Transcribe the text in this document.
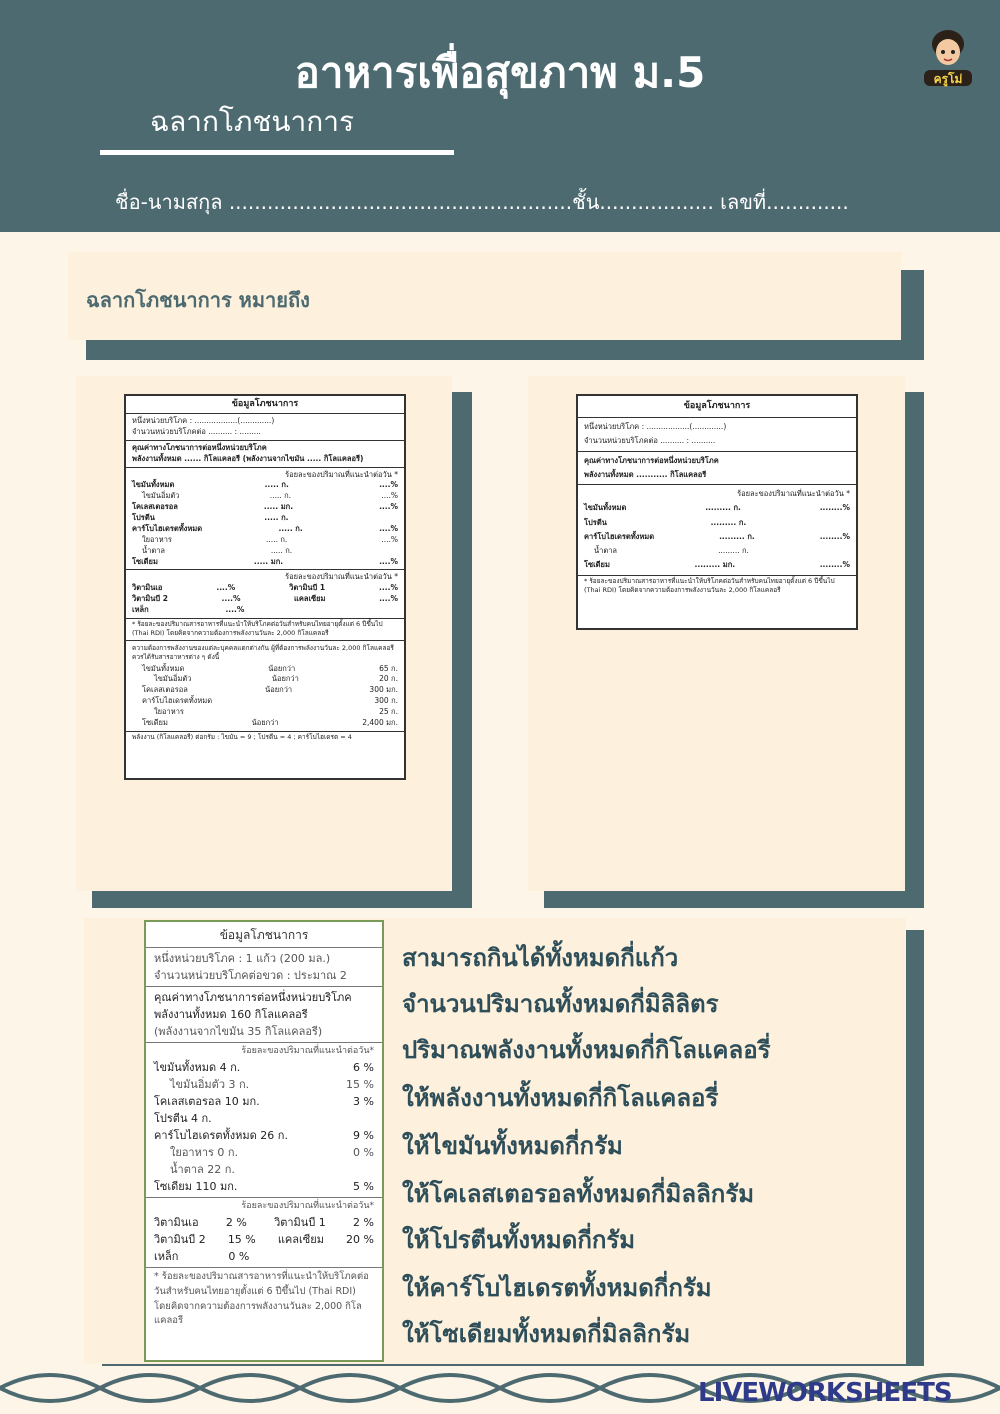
อาหารเพื่อสุขภาพ ม.5
ฉลากโภชนาการ
ชื่อ-นามสกุล ......................................................ชั้น.................. เลขที่.............
ครูโม่
ฉลากโภชนาการ หมายถึง
ข้อมูลโภชนาการ
หนึ่งหน่วยบริโภค : ..................(.............)
จำนวนหน่วยบริโภคต่อ .......... : .........
คุณค่าทางโภชนาการต่อหนึ่งหน่วยบริโภค
พลังงานทั้งหมด ...... กิโลแคลอรี (พลังงานจากไขมัน ..... กิโลแคลอรี)
ร้อยละของปริมาณที่แนะนำต่อวัน *
ไขมันทั้งหมด	..... ก.	....%
ไขมันอิ่มตัว	..... ก.	....%
โคเลสเตอรอล	..... มก.	....%
โปรตีน	..... ก.
คาร์โบไฮเดรตทั้งหมด	..... ก.	....%
ใยอาหาร	..... ก.	....%
น้ำตาล	..... ก.
โซเดียม	..... มก.	....%
ร้อยละของปริมาณที่แนะนำต่อวัน *
วิตามินเอ	....%	วิตามินบี 1	....%
วิตามินบี 2	....%	แคลเซียม	....%
เหล็ก	....%
* ร้อยละของปริมาณสารอาหารที่แนะนำให้บริโภคต่อวันสำหรับคนไทยอายุตั้งแต่ 6 ปีขึ้นไป (Thai RDI) โดยคิดจากความต้องการพลังงานวันละ 2,000 กิโลแคลอรี
ความต้องการพลังงานของแต่ละบุคคลแตกต่างกัน ผู้ที่ต้องการพลังงานวันละ 2,000 กิโลแคลอรี ควรได้รับสารอาหารต่าง ๆ ดังนี้
ไขมันทั้งหมด	น้อยกว่า	65 ก.
ไขมันอิ่มตัว	น้อยกว่า	20 ก.
โคเลสเตอรอล	น้อยกว่า	300 มก.
คาร์โบไฮเดรตทั้งหมด	300 ก.
ใยอาหาร	25 ก.
โซเดียม	น้อยกว่า	2,400 มก.
พลังงาน (กิโลแคลอรี) ต่อกรัม : ไขมัน = 9 ; โปรตีน = 4 ; คาร์โบไฮเดรต = 4
ข้อมูลโภชนาการ
หนึ่งหน่วยบริโภค : ..................(.............)
จำนวนหน่วยบริโภคต่อ .......... : ..........
คุณค่าทางโภชนาการต่อหนึ่งหน่วยบริโภค
พลังงานทั้งหมด ........... กิโลแคลอรี
ร้อยละของปริมาณที่แนะนำต่อวัน *
ไขมันทั้งหมด	......... ก.	........%
โปรตีน	......... ก.
คาร์โบไฮเดรตทั้งหมด	......... ก.	........%
น้ำตาล	......... ก.
โซเดียม	......... มก.	........%
* ร้อยละของปริมาณสารอาหารที่แนะนำให้บริโภคต่อวันสำหรับคนไทยอายุตั้งแต่ 6 ปีขึ้นไป (Thai RDI) โดยคิดจากความต้องการพลังงานวันละ 2,000 กิโลแคลอรี
ข้อมูลโภชนาการ
หนึ่งหน่วยบริโภค : 1 แก้ว (200 มล.)
จำนวนหน่วยบริโภคต่อขวด : ประมาณ 2
คุณค่าทางโภชนาการต่อหนึ่งหน่วยบริโภค
พลังงานทั้งหมด 160 กิโลแคลอรี
(พลังงานจากไขมัน 35 กิโลแคลอรี)
ร้อยละของปริมาณที่แนะนำต่อวัน*
ไขมันทั้งหมด 4 ก.	6 %
ไขมันอิ่มตัว 3 ก.	15 %
โคเลสเตอรอล 10 มก.	3 %
โปรตีน 4 ก.
คาร์โบไฮเดรตทั้งหมด 26 ก.	9 %
ใยอาหาร 0 ก.	0 %
น้ำตาล 22 ก.
โซเดียม 110 มก.	5 %
ร้อยละของปริมาณที่แนะนำต่อวัน*
วิตามินเอ 2 % วิตามินบี 1 2 %
วิตามินบี 2 15 % แคลเซียม 20 %
เหล็ก	0 %
* ร้อยละของปริมาณสารอาหารที่แนะนำให้บริโภคต่อวันสำหรับคนไทยอายุตั้งแต่ 6 ปีขึ้นไป (Thai RDI) โดยคิดจากความต้องการพลังงานวันละ 2,000 กิโลแคลอรี
สามารถกินได้ทั้งหมดกี่แก้ว
จำนวนปริมาณทั้งหมดกี่มิลิลิตร
ปริมาณพลังงานทั้งหมดกี่กิโลแคลอรี่
ให้พลังงานทั้งหมดกี่กิโลแคลอรี่
ให้ไขมันทั้งหมดกี่กรัม
ให้โคเลสเตอรอลทั้งหมดกี่มิลลิกรัม
ให้โปรตีนทั้งหมดกี่กรัม
ให้คาร์โบไฮเดรตทั้งหมดกี่กรัม
ให้โซเดียมทั้งหมดกี่มิลลิกรัม
LIVEWORKSHEETS
